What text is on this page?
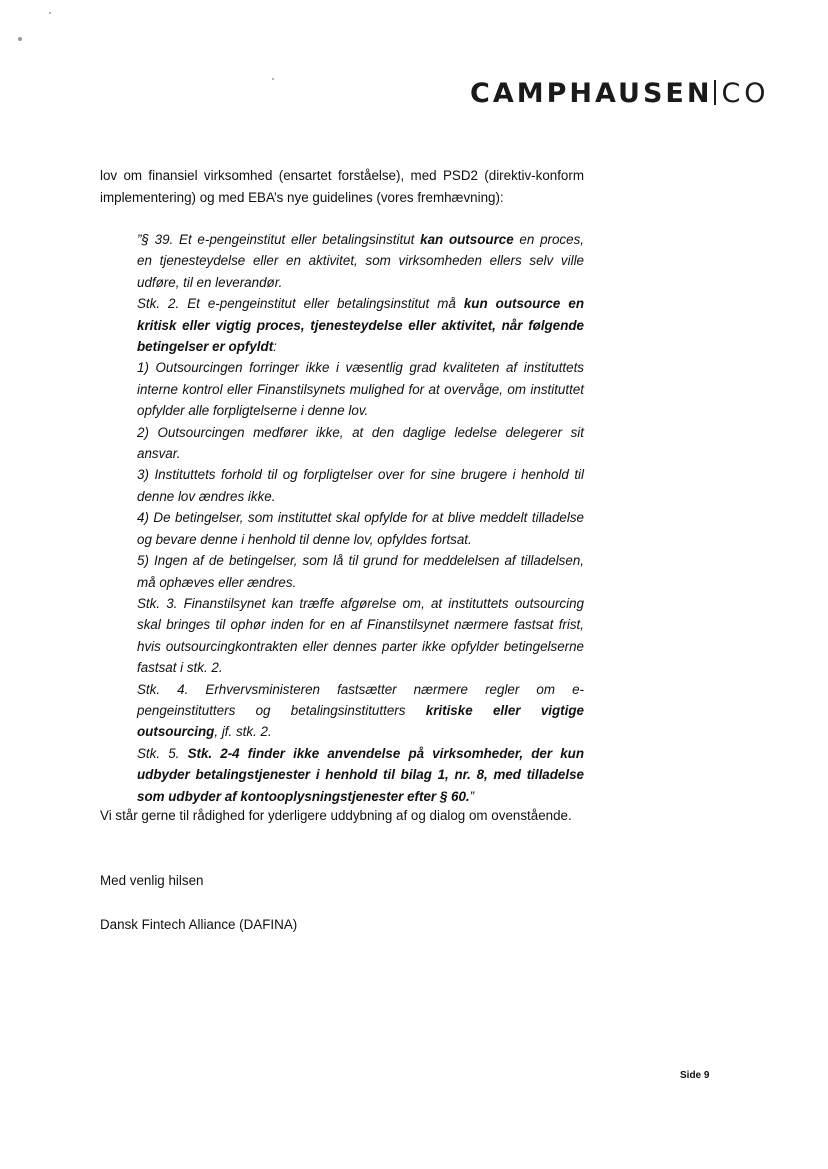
CAMPHAUSEN CO

lov om finansiel virksomhed (ensartet forståelse), med PSD2 (direktiv-konform implementering) og med EBA’s nye guidelines (vores fremhævning):

”§ 39. Et e-pengeinstitut eller betalingsinstitut kan outsource en proces, en tjenesteydelse eller en aktivitet, som virksomheden ellers selv ville udføre, til en leverandør.

Stk. 2. Et e-pengeinstitut eller betalingsinstitut må kun outsource en kritisk eller vigtig proces, tjenesteydelse eller aktivitet, når følgende betingelser er opfyldt:

1) Outsourcingen forringer ikke i væsentlig grad kvaliteten af instituttets interne kontrol eller Finanstilsynets mulighed for at overvåge, om instituttet opfylder alle forpligtelserne i denne lov.

2) Outsourcingen medfører ikke, at den daglige ledelse delegerer sit ansvar.

3) Instituttets forhold til og forpligtelser over for sine brugere i henhold til denne lov ændres ikke.

4) De betingelser, som instituttet skal opfylde for at blive meddelt tilladelse og bevare denne i henhold til denne lov, opfyldes fortsat.

5) Ingen af de betingelser, som lå til grund for meddelelsen af tilladelsen, må ophæves eller ændres.

Stk. 3. Finanstilsynet kan træffe afgørelse om, at instituttets outsourcing skal bringes til ophør inden for en af Finanstilsynet nærmere fastsat frist, hvis outsourcingkontrakten eller dennes parter ikke opfylder betingelserne fastsat i stk. 2.

Stk. 4. Erhvervsministeren fastsætter nærmere regler om e-pengeinstitutters og betalingsinstitutters kritiske eller vigtige outsourcing, jf. stk. 2.

Stk. 5. Stk. 2-4 finder ikke anvendelse på virksomheder, der kun udbyder betalingstjenester i henhold til bilag 1, nr. 8, med tilladelse som udbyder af kontooplysningstjenester efter § 60.”

Vi står gerne til rådighed for yderligere uddybning af og dialog om ovenstående.

Med venlig hilsen

Dansk Fintech Alliance (DAFINA)

Side 9
